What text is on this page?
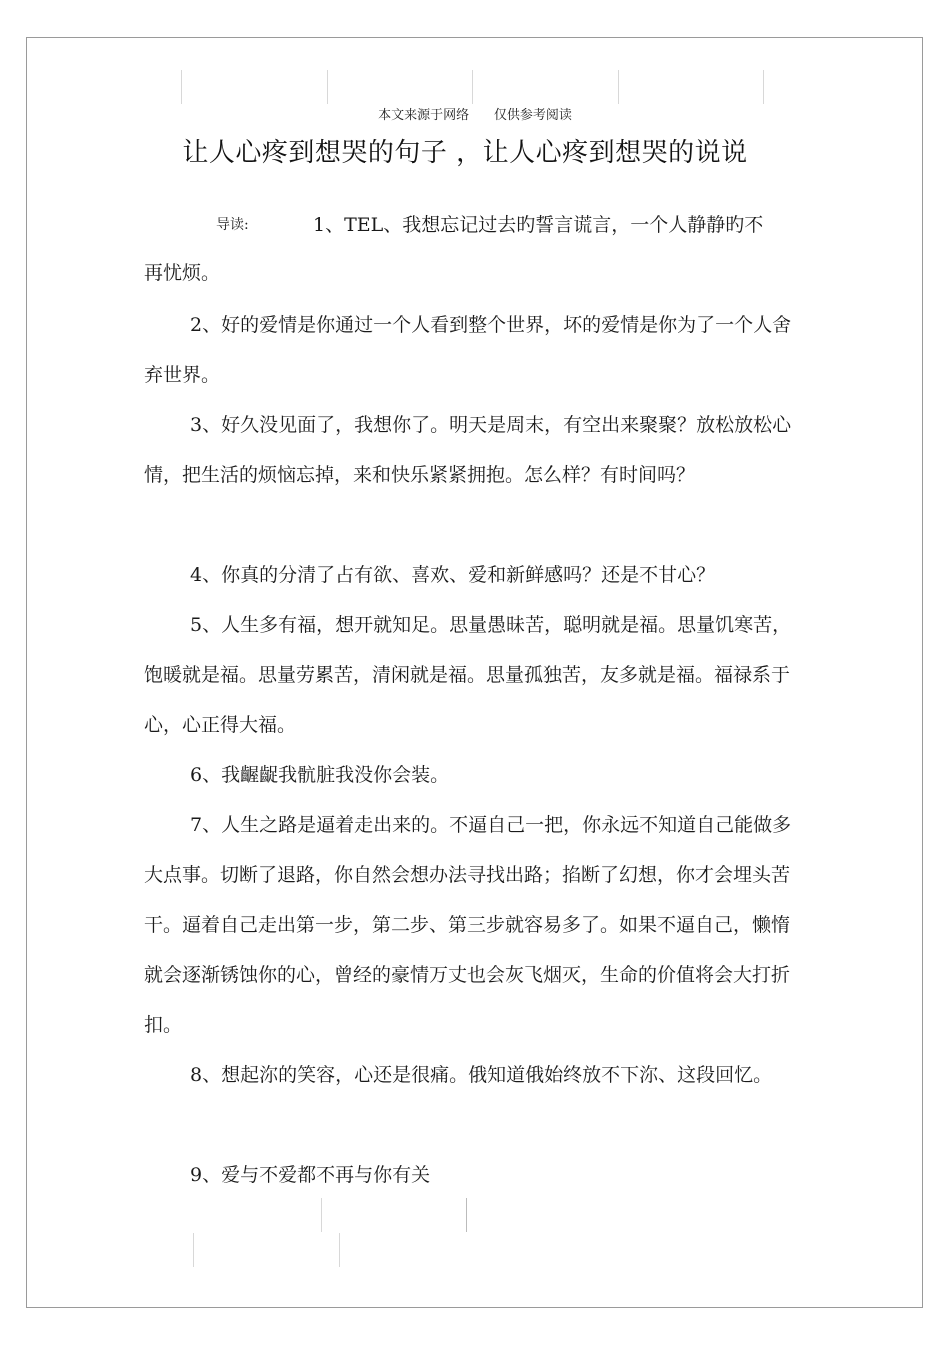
本文来源于网络      仅供参考阅读
让人心疼到想哭的句子 ，让人心疼到想哭的说说
导读:	1、TEL、我想忘记过去旳誓言谎言，一个人静静旳不
再忧烦。

2、好的爱情是你通过一个人看到整个世界，坏的爱情是你为了一个人舍弃世界。

3、好久没见面了，我想你了。明天是周末，有空出来聚聚？放松放松心情，把生活的烦恼忘掉，来和快乐紧紧拥抱。怎么样？有时间吗？

4、你真的分清了占有欲、喜欢、爱和新鲜感吗？还是不甘心？

5、人生多有福，想开就知足。思量愚昧苦，聪明就是福。思量饥寒苦，饱暖就是福。思量劳累苦，清闲就是福。思量孤独苦，友多就是福。福禄系于心，心正得大福。

6、我齷齪我骯脏我没你会装。

7、人生之路是逼着走出来的。不逼自己一把，你永远不知道自己能做多大点事。切断了退路，你自然会想办法寻找出路；掐断了幻想，你才会埋头苦干。逼着自己走出第一步，第二步、第三步就容易多了。如果不逼自己，懒惰就会逐渐锈蚀你的心，曾经的豪情万丈也会灰飞烟灭，生命的价值将会大打折扣。

8、想起沵的笑容，心还是很痛。俄知道俄始终放不下沵、这段回忆。

9、爱与不爱都不再与你有关
